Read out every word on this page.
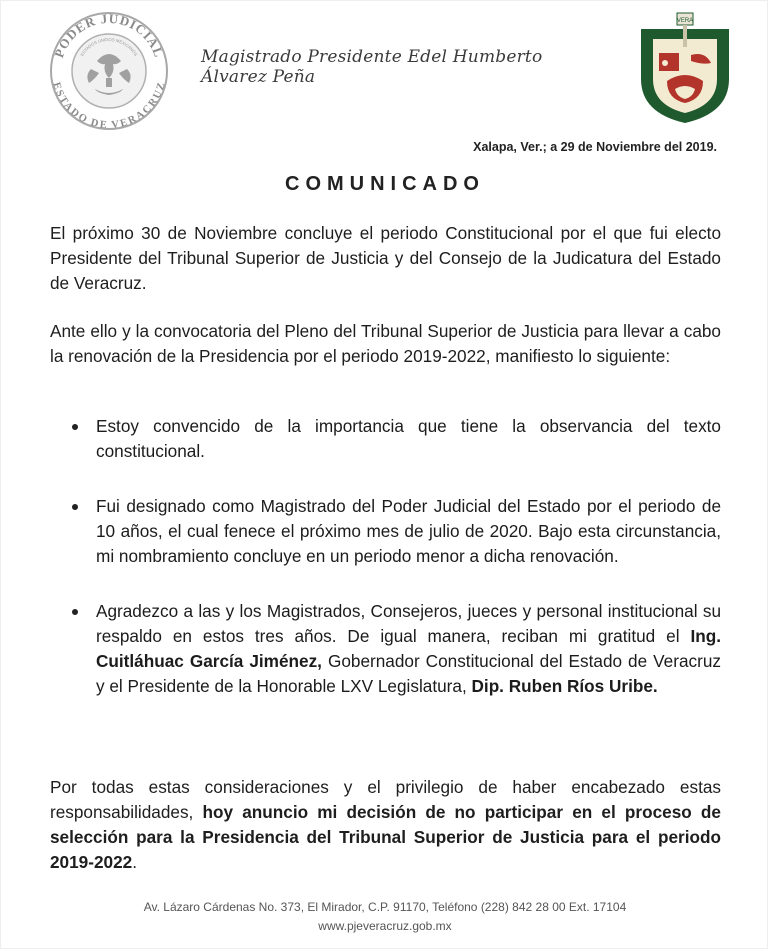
PODER JUDICIAL
ESTADO DE VERACRUZ
ESTADOS UNIDOS MEXICANOS	Magistrado Presidente Edel Humberto Álvarez Peña
VERA
Xalapa, Ver.; a 29 de Noviembre del 2019.
COMUNICADO

El próximo 30 de Noviembre concluye el periodo Constitucional por el que fui electo Presidente del Tribunal Superior de Justicia y del Consejo de la Judicatura del Estado de Veracruz.

Ante ello y la convocatoria del Pleno del Tribunal Superior de Justicia para llevar a cabo la renovación de la Presidencia por el periodo 2019-2022, manifiesto lo siguiente:

Estoy convencido de la importancia que tiene la observancia del texto constitucional.
Fui designado como Magistrado del Poder Judicial del Estado por el periodo de 10 años, el cual fenece el próximo mes de julio de 2020. Bajo esta circunstancia, mi nombramiento concluye en un periodo menor a dicha renovación.
Agradezco a las y los Magistrados, Consejeros, jueces y personal institucional su respaldo en estos tres años. De igual manera, reciban mi gratitud el Ing. Cuitláhuac García Jiménez, Gobernador Constitucional del Estado de Veracruz y el Presidente de la Honorable LXV Legislatura, Dip. Ruben Ríos Uribe.

Por todas estas consideraciones y el privilegio de haber encabezado estas responsabilidades, hoy anuncio mi decisión de no participar en el proceso de selección para la Presidencia del Tribunal Superior de Justicia para el periodo 2019-2022.

Av. Lázaro Cárdenas No. 373, El Mirador, C.P. 91170, Teléfono (228) 842 28 00 Ext. 17104
www.pjeveracruz.gob.mx
